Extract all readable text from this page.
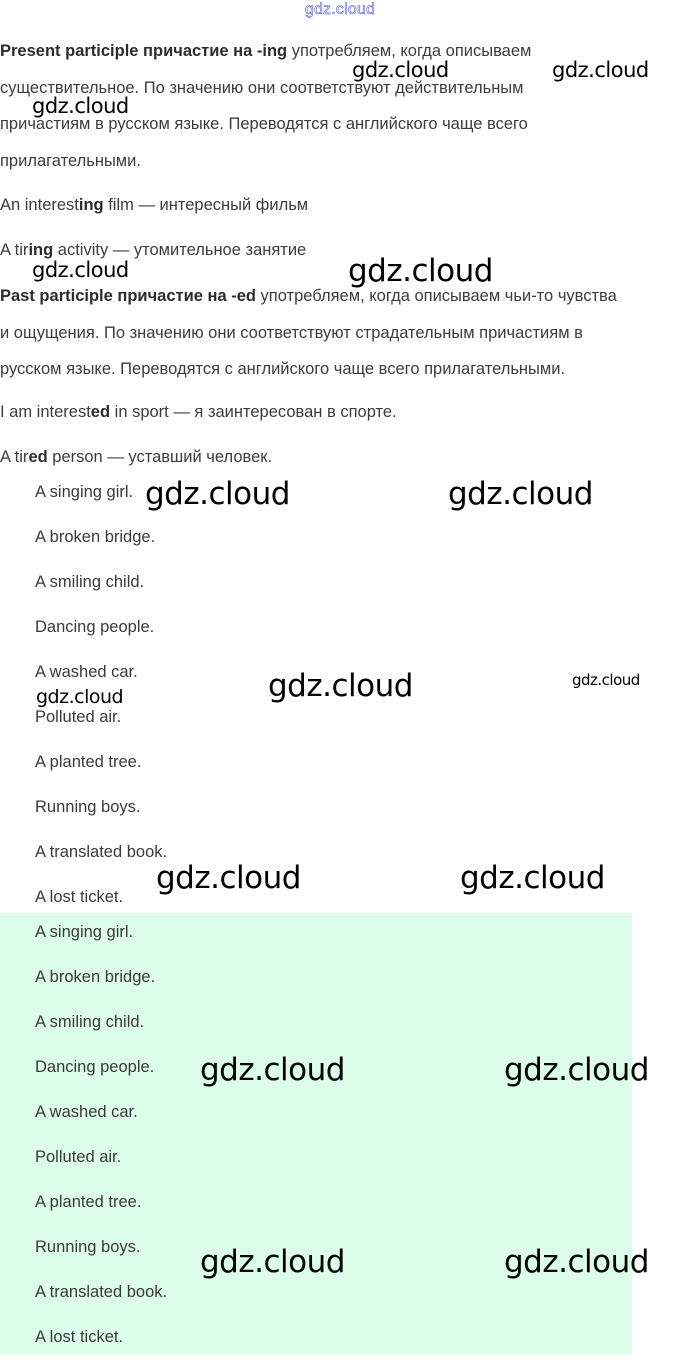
gdz.cloud

Present participle причастие на -ing употребляем, когда описываем
существительное. По значению они соответствуют действительным
причастиям в русском языке. Переводятся с английского чаще всего
прилагательными.

An interesting film — интересный фильм

A tiring activity — утомительное занятие

Past participle причастие на -ed употребляем, когда описываем чьи-то чувства
и ощущения. По значению они соответствуют страдательным причастиям в
русском языке. Переводятся с английского чаще всего прилагательными.

I am interested in sport — я заинтересован в спорте.

A tired person — уставший человек.

A singing girl.
A broken bridge.
A smiling child.
Dancing people.
A washed car.
Polluted air.
A planted tree.
Running boys.
A translated book.
A lost ticket.
A singing girl.
A broken bridge.
A smiling child.
Dancing people.
A washed car.
Polluted air.
A planted tree.
Running boys.
A translated book.
A lost ticket.
gdz.cloud	gdz.cloud
gdz.cloud
gdz.cloud	gdz.cloud
gdz.cloud	gdz.cloud
gdz.cloud	gdz.cloud
gdz.cloud
gdz.cloud	gdz.cloud
gdz.cloud	gdz.cloud
gdz.cloud	gdz.cloud
